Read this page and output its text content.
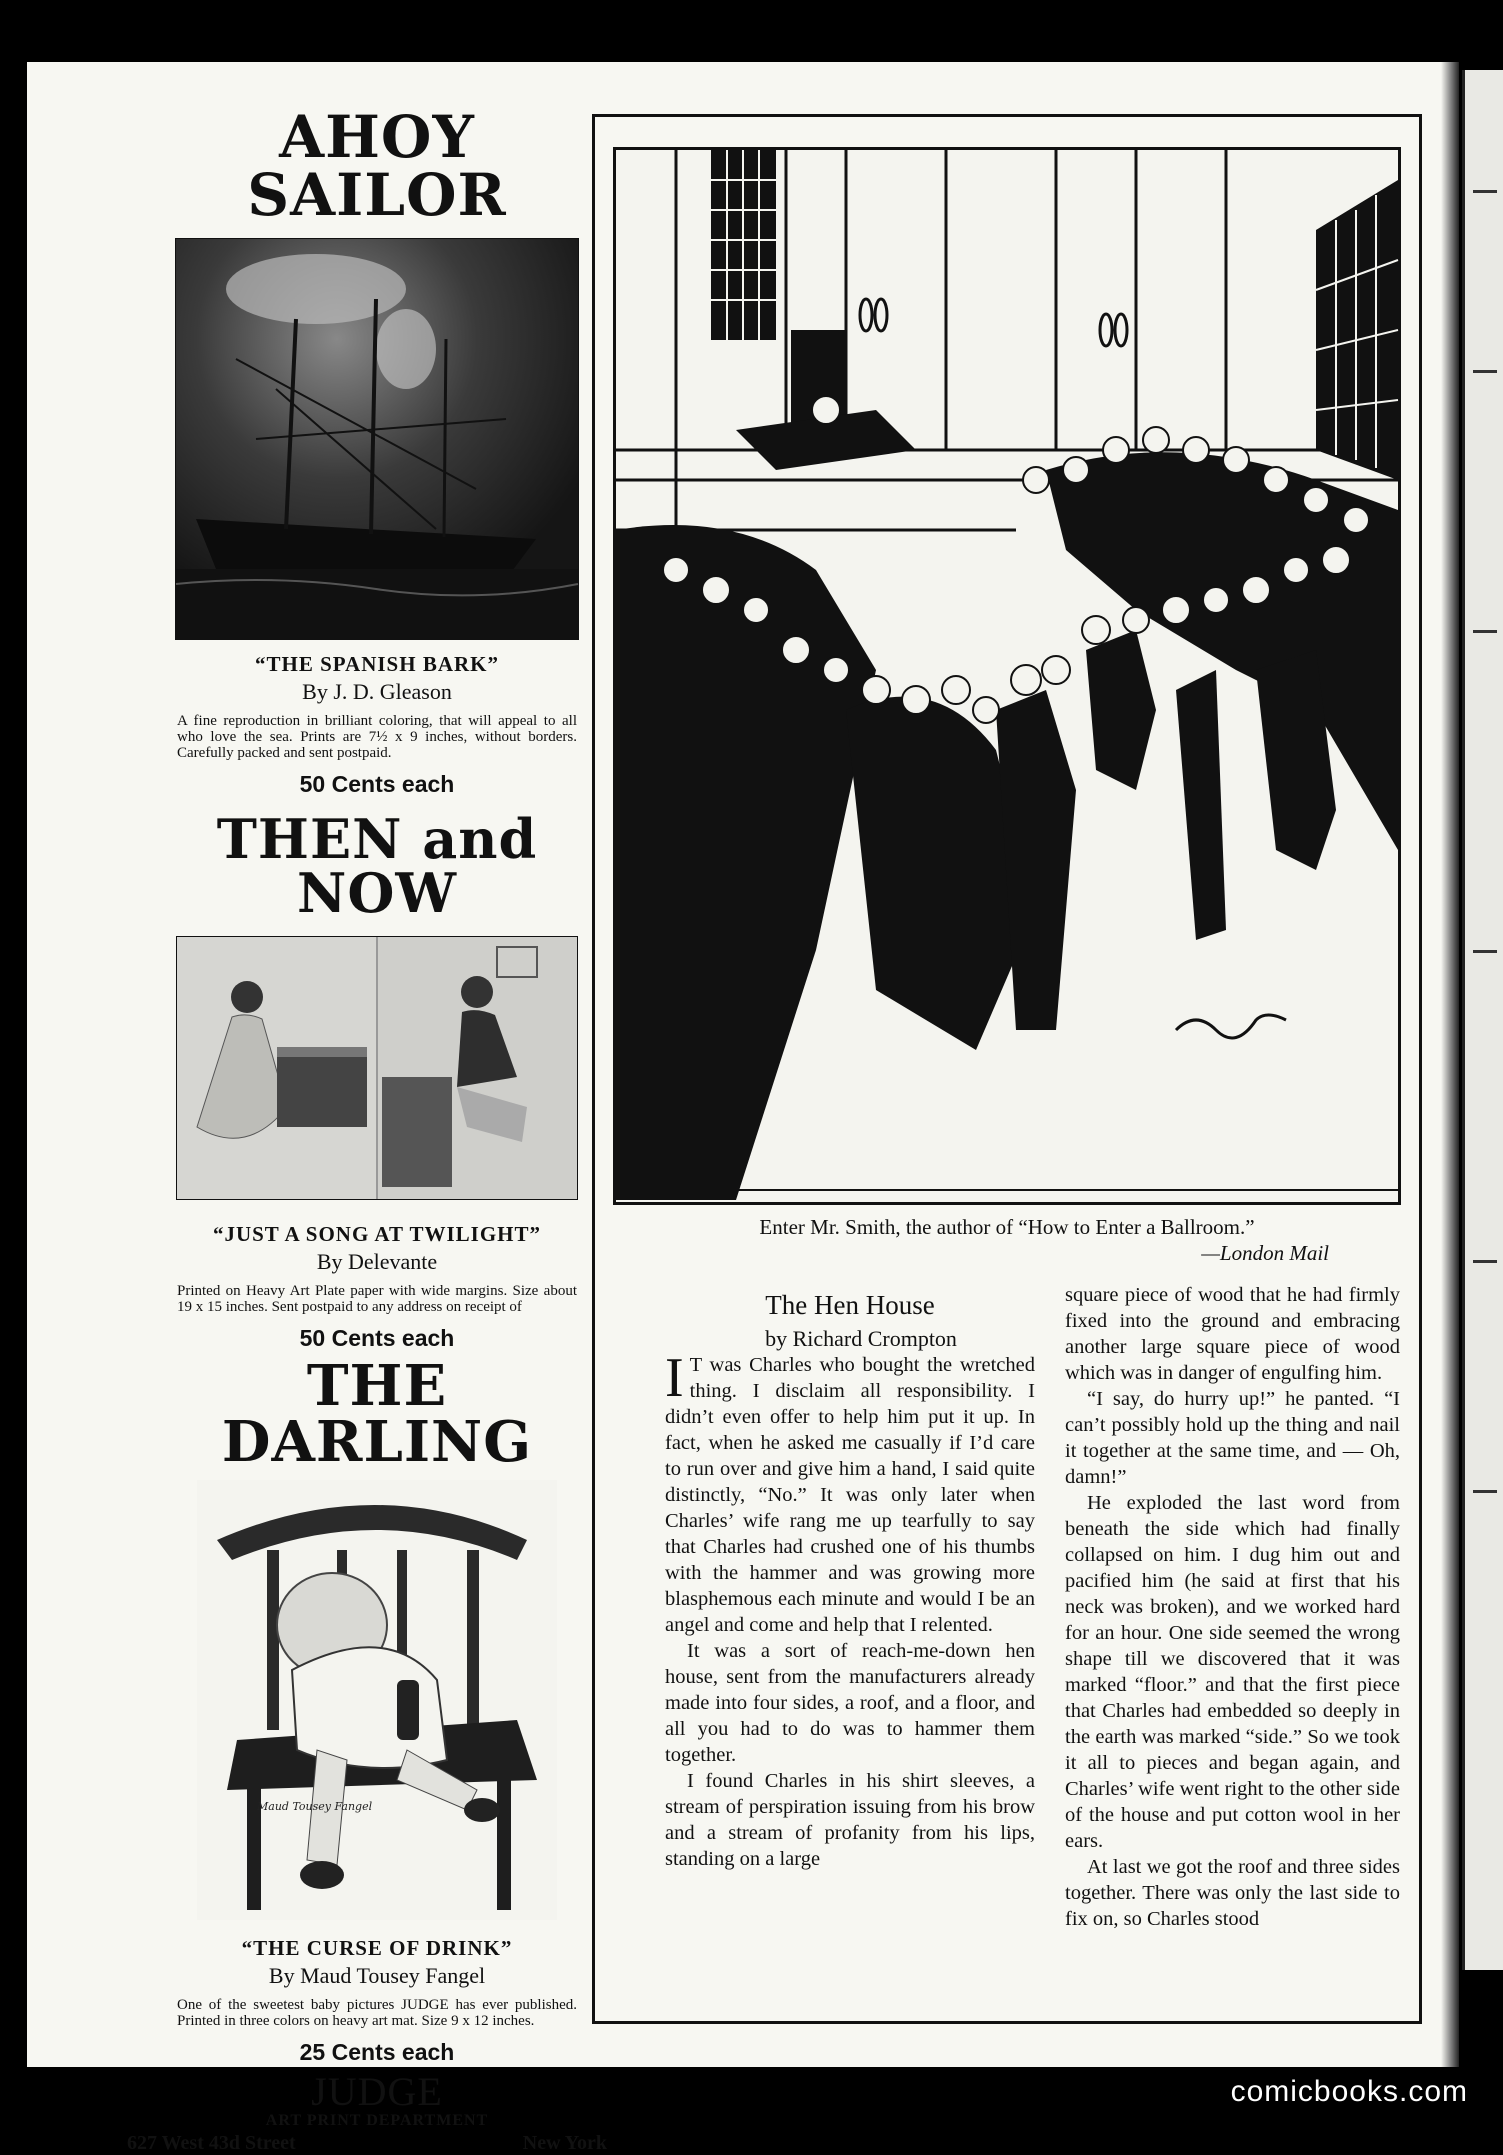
AHOY SAILOR

“THE SPANISH BARK”

By J. D. Gleason

A fine reproduction in brilliant coloring, that will appeal to all who love the sea. Prints are 7½ x 9 inches, without borders. Carefully packed and sent postpaid.

50 Cents each

THEN and NOW

“JUST A SONG AT TWILIGHT”

By Delevante

Printed on Heavy Art Plate paper with wide margins. Size about 19 x 15 inches. Sent postpaid to any address on receipt of

50 Cents each

THE DARLING
Maud Tousey Fangel

“THE CURSE OF DRINK”

By Maud Tousey Fangel

One of the sweetest baby pictures JUDGE has ever published. Printed in three colors on heavy art mat. Size 9 x 12 inches.

25 Cents each

JUDGE

ART PRINT DEPARTMENT

627 West 43d Street	New York
Enter Mr. Smith, the author of “How to Enter a Ballroom.”
—London Mail
The Hen House

by Richard Crompton

I T was Charles who bought the wretched thing. I disclaim all responsibility. I didn’t even offer to help him put it up. In fact, when he asked me casually if I’d care to run over and give him a hand, I said quite distinctly, “No.” It was only later when Charles’ wife rang me up tearfully to say that Charles had crushed one of his thumbs with the hammer and was growing more blasphemous each minute and would I be an angel and come and help that I relented.

It was a sort of reach-me-down hen house, sent from the manufacturers already made into four sides, a roof, and a floor, and all you had to do was to hammer them together.

I found Charles in his shirt sleeves, a stream of perspiration issuing from his brow and a stream of profanity from his lips, standing on a large

square piece of wood that he had firmly fixed into the ground and embracing another large square piece of wood which was in danger of engulfing him.

“I say, do hurry up!” he panted. “I can’t possibly hold up the thing and nail it together at the same time, and — Oh, damn!”

He exploded the last word from beneath the side which had finally collapsed on him. I dug him out and pacified him (he said at first that his neck was broken), and we worked hard for an hour. One side seemed the wrong shape till we discovered that it was marked “floor.” and that the first piece that Charles had embedded so deeply in the earth was marked “side.” So we took it all to pieces and began again, and Charles’ wife went right to the other side of the house and put cotton wool in her ears.

At last we got the roof and three sides together. There was only the last side to fix on, so Charles stood

comicbooks.com
